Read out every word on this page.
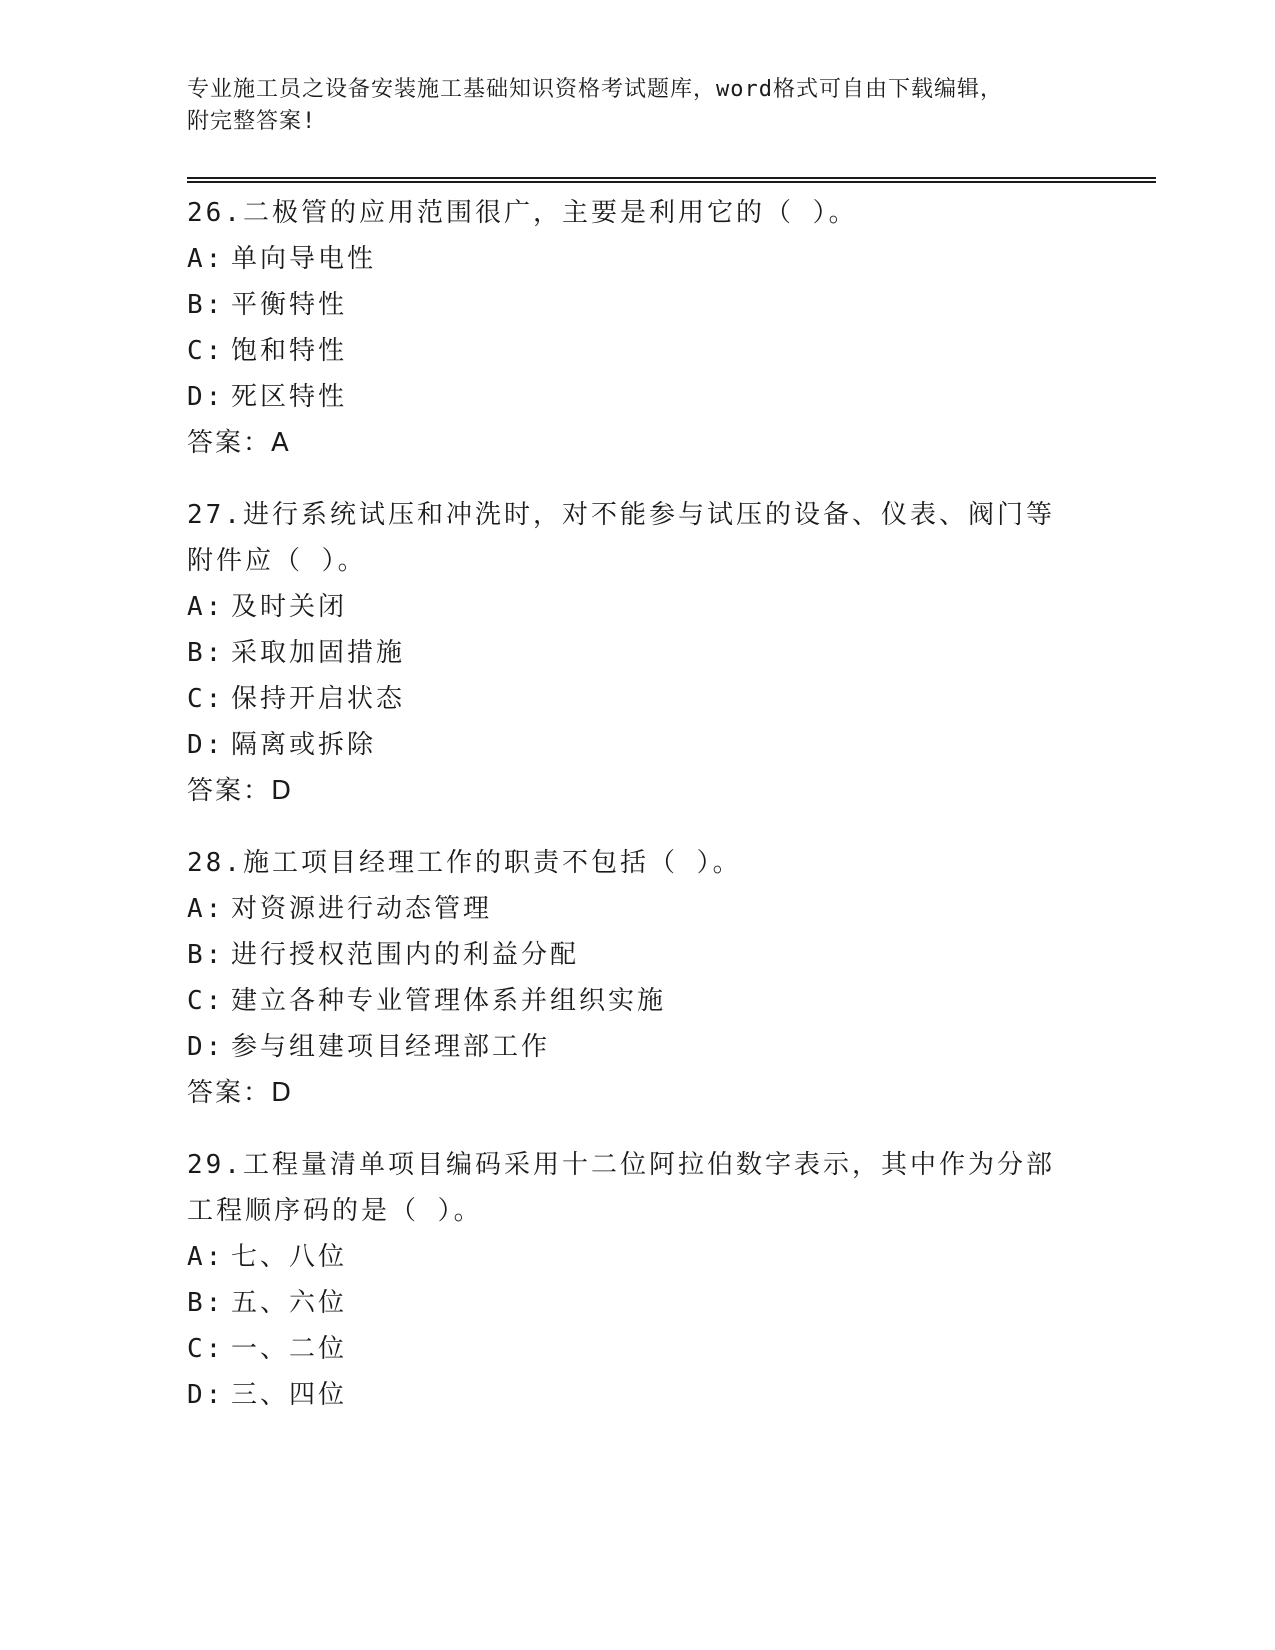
专业施工员之设备安装施工基础知识资格考试题库，word格式可自由下载编辑，
附完整答案!
26.二极管的应用范围很广，主要是利用它的（ ）。
A: 单向导电性
B: 平衡特性
C: 饱和特性
D: 死区特性
答案：A
27.进行系统试压和冲洗时，对不能参与试压的设备、仪表、阀门等附件应（ ）。
A: 及时关闭
B: 采取加固措施
C: 保持开启状态
D: 隔离或拆除
答案：D
28.施工项目经理工作的职责不包括（ ）。
A: 对资源进行动态管理
B: 进行授权范围内的利益分配
C: 建立各种专业管理体系并组织实施
D: 参与组建项目经理部工作
答案：D
29.工程量清单项目编码采用十二位阿拉伯数字表示，其中作为分部工程顺序码的是（ ）。
A: 七、八位
B: 五、六位
C: 一、二位
D: 三、四位
